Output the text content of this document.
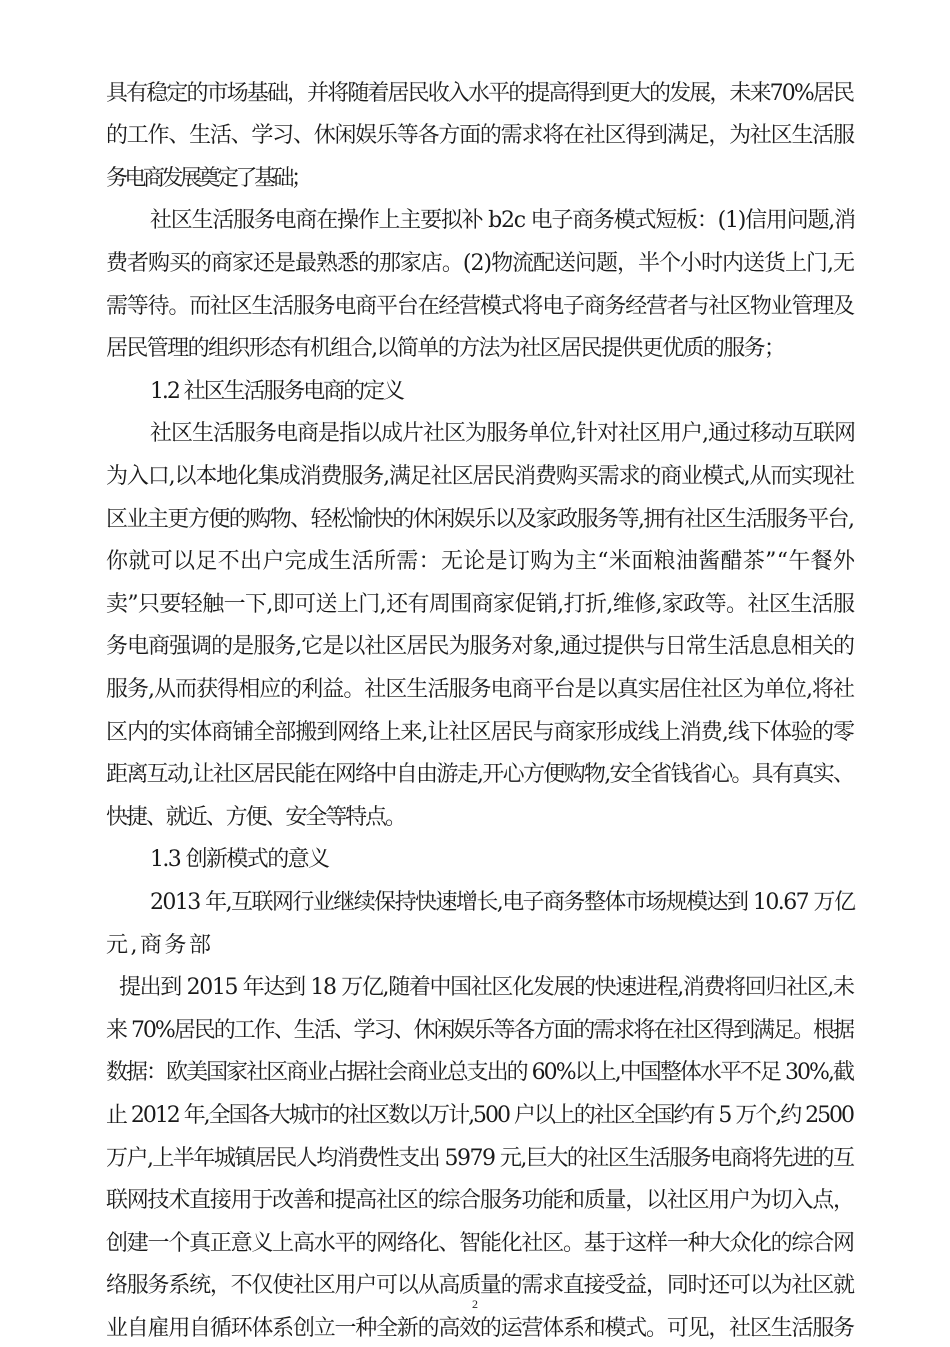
具有稳定的市场基础，并将随着居民收入水平的提高得到更大的发展，未来70%居民
的工作、生活、学习、休闲娱乐等各方面的需求将在社区得到满足，为社区生活服
务电商发展奠定了基础；
社区生活服务电商在操作上主要拟补 b2c 电子商务模式短板：(1)信用问题,消
费者购买的商家还是最熟悉的那家店。(2)物流配送问题，半个小时内送货上门,无
需等待。而社区生活服务电商平台在经营模式将电子商务经营者与社区物业管理及
居民管理的组织形态有机组合,以简单的方法为社区居民提供更优质的服务；
1.2 社区生活服务电商的定义
社区生活服务电商是指以成片社区为服务单位,针对社区用户,通过移动互联网
为入口,以本地化集成消费服务,满足社区居民消费购买需求的商业模式,从而实现社
区业主更方便的购物、轻松愉快的休闲娱乐以及家政服务等,拥有社区生活服务平台,
你就可以足不出户完成生活所需：无论是订购为主“米面粮油酱醋茶”“午餐外
卖”只要轻触一下,即可送上门,还有周围商家促销,打折,维修,家政等。社区生活服
务电商强调的是服务,它是以社区居民为服务对象,通过提供与日常生活息息相关的
服务,从而获得相应的利益。社区生活服务电商平台是以真实居住社区为单位,将社
区内的实体商铺全部搬到网络上来,让社区居民与商家形成线上消费,线下体验的零
距离互动,让社区居民能在网络中自由游走,开心方便购物,安全省钱省心。具有真实、
快捷、就近、方便、安全等特点。
1.3 创新模式的意义
2013 年,互联网行业继续保持快速增长,电子商务整体市场规模达到 10.67 万亿
元,商务部
提出到 2015 年达到 18 万亿,随着中国社区化发展的快速进程,消费将回归社区,未
来 70%居民的工作、生活、学习、休闲娱乐等各方面的需求将在社区得到满足。根据
数据：欧美国家社区商业占据社会商业总支出的 60%以上,中国整体水平不足 30%,截
止 2012 年,全国各大城市的社区数以万计,500 户以上的社区全国约有 5 万个,约 2500
万户,上半年城镇居民人均消费性支出 5979 元,巨大的社区生活服务电商将先进的互
联网技术直接用于改善和提高社区的综合服务功能和质量，以社区用户为切入点，
创建一个真正意义上高水平的网络化、智能化社区。基于这样一种大众化的综合网
络服务系统，不仅使社区用户可以从高质量的需求直接受益，同时还可以为社区就
业自雇用自循环体系创立一种全新的高效的运营体系和模式。可见，社区生活服务
2
